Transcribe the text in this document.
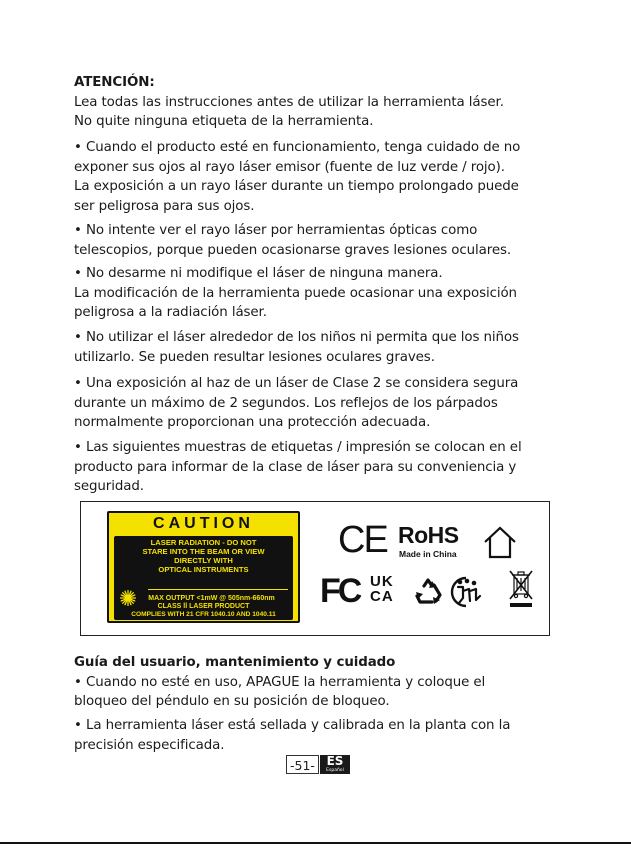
ATENCIÓN:
Lea todas las instrucciones antes de utilizar la herramienta láser.
No quite ninguna etiqueta de la herramienta.
• Cuando el producto esté en funcionamiento, tenga cuidado de no
exponer sus ojos al rayo láser emisor (fuente de luz verde / rojo).
La exposición a un rayo láser durante un tiempo prolongado puede
ser peligrosa para sus ojos.
• No intente ver el rayo láser por herramientas ópticas como
telescopios, porque pueden ocasionarse graves lesiones oculares.
• No desarme ni modifique el láser de ninguna manera.
La modificación de la herramienta puede ocasionar una exposición
peligrosa a la radiación láser.
• No utilizar el láser alrededor de los niños ni permita que los niños
utilizarlo. Se pueden resultar lesiones oculares graves.
• Una exposición al haz de un láser de Clase 2 se considera segura
durante un máximo de 2 segundos. Los reflejos de los párpados
normalmente proporcionan una protección adecuada.
• Las siguientes muestras de etiquetas / impresión se colocan en el
producto para informar de la clase de láser para su conveniencia y
seguridad.
CAUTION
LASER RADIATION - DO NOT
STARE INTO THE BEAM OR VIEW
DIRECTLY WITH
OPTICAL INSTRUMENTS
MAX OUTPUT <1mW @ 505nm-660nm
CLASS ll LASER PRODUCT
COMPLIES WITH 21 CFR 1040.10 AND 1040.11
CE RoHS
Made in China
FC UK
CA
Guía del usuario, mantenimiento y cuidado
• Cuando no esté en uso, APAGUE la herramienta y coloque el
bloqueo del péndulo en su posición de bloqueo.
• La herramienta láser está sellada y calibrada en la planta con la
precisión especificada.
-51- ES
Español
